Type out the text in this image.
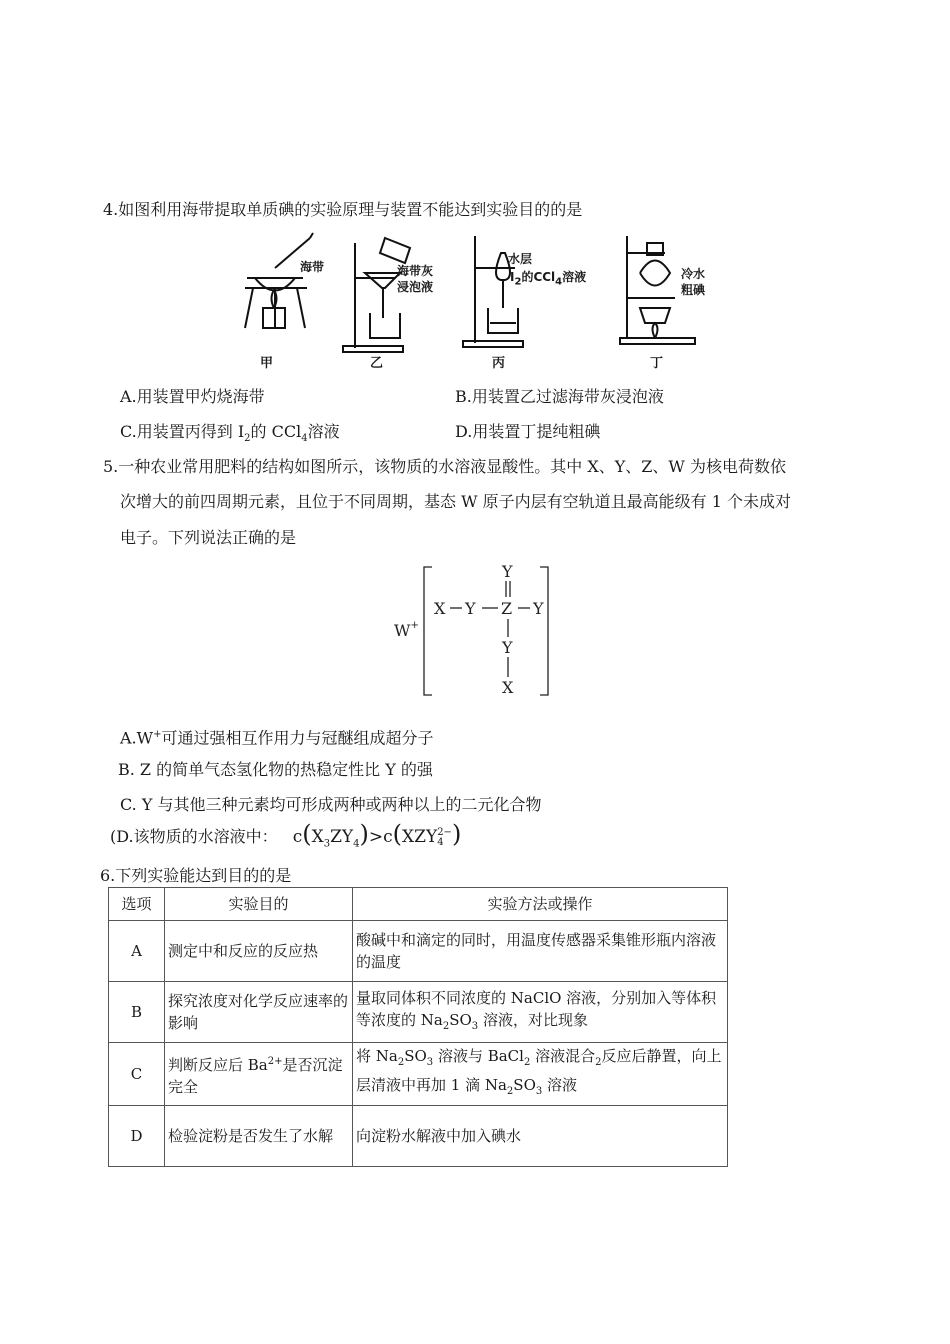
4.如图利用海带提取单质碘的实验原理与装置不能达到实验目的的是
海带	海带灰
浸泡液
水层
$I_2$的CCl$_4$溶液	冷水
粗碘
甲	乙	丙	丁
A.用装置甲灼烧海带	B.用装置乙过滤海带灰浸泡液
C.用装置丙得到 $I_2$的 CCl$_4$溶液	D.用装置丁提纯粗碘
5.一种农业常用肥料的结构如图所示，该物质的水溶液显酸性。其中 X、Y、Z、W 为核电荷数依
次增大的前四周期元素，且位于不同周期，基态 W 原子内层有空轨道且最高能级有 1 个未成对
电子。下列说法正确的是
W+
X Y Z Y
Y
Y
X
A.W+可通过强相互作用力与冠醚组成超分子
B. Z 的简单气态氢化物的热稳定性比 Y 的强
C. Y 与其他三种元素均可形成两种或两种以上的二元化合物
(D.该物质的水溶液中： $c(X_3ZY_4)>c(XZY$ 2−
4 )
6.下列实验能达到目的的是
选项	实验目的	实验方法或操作
A	测定中和反应的反应热	酸碱中和滴定的同时，用温度传感器采集锥形瓶内溶液的温度
B	探究浓度对化学反应速率的影响	量取同体积不同浓度的 NaClO 溶液，分别加入等体积等浓度的 $Na_2SO_3$ 溶液，对比现象
C	判断反应后 $Ba^{2+}$是否沉淀完全	将 $Na_2SO_3$ 溶液与 BaCl$_2$ 溶液混合$_2$反应后静置，向上层清液中再加 1 滴 $Na_2SO_3$ 溶液
D	检验淀粉是否发生了水解	向淀粉水解液中加入碘水
